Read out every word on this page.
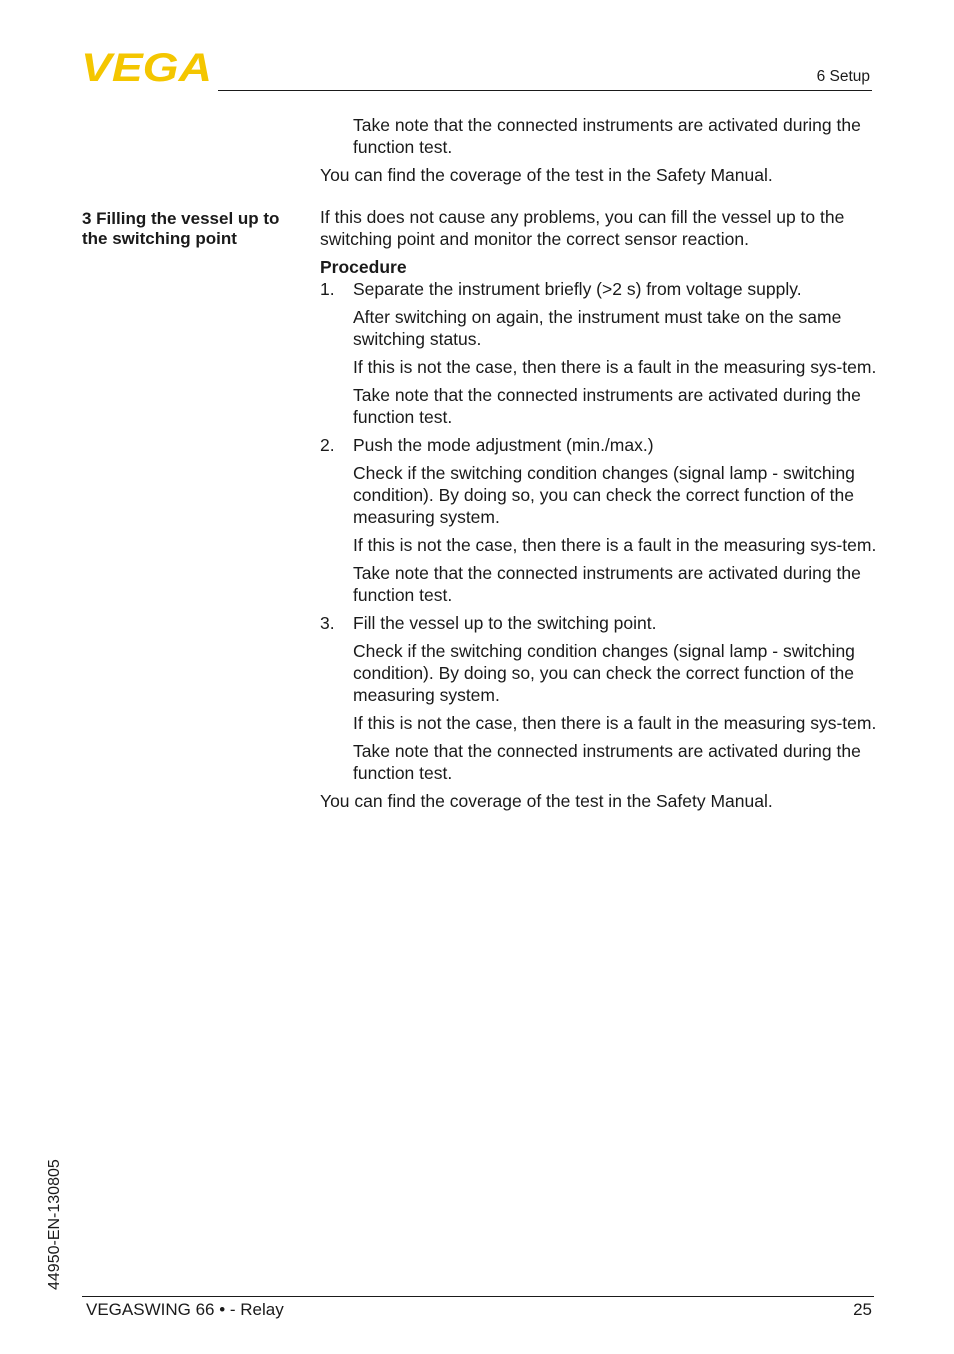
VEGA	6 Setup
3 Filling the vessel up to
the switching point

Take note that the connected instruments are activated during the function test.

You can find the coverage of the test in the Safety Manual.

If this does not cause any problems, you can fill the vessel up to the switching point and monitor the correct sensor reaction.

Procedure

1. Separate the instrument briefly (>2 s) from voltage supply.

After switching on again, the instrument must take on the same switching status.

If this is not the case, then there is a fault in the measuring sys-tem.

Take note that the connected instruments are activated during the function test.

2. Push the mode adjustment (min./max.)

Check if the switching condition changes (signal lamp - switching condition). By doing so, you can check the correct function of the measuring system.

If this is not the case, then there is a fault in the measuring sys-tem.

Take note that the connected instruments are activated during the function test.

3. Fill the vessel up to the switching point.

Check if the switching condition changes (signal lamp - switching condition). By doing so, you can check the correct function of the measuring system.

If this is not the case, then there is a fault in the measuring sys-tem.

Take note that the connected instruments are activated during the function test.

You can find the coverage of the test in the Safety Manual.

44950-EN-130805
VEGASWING 66 • - Relay	25
